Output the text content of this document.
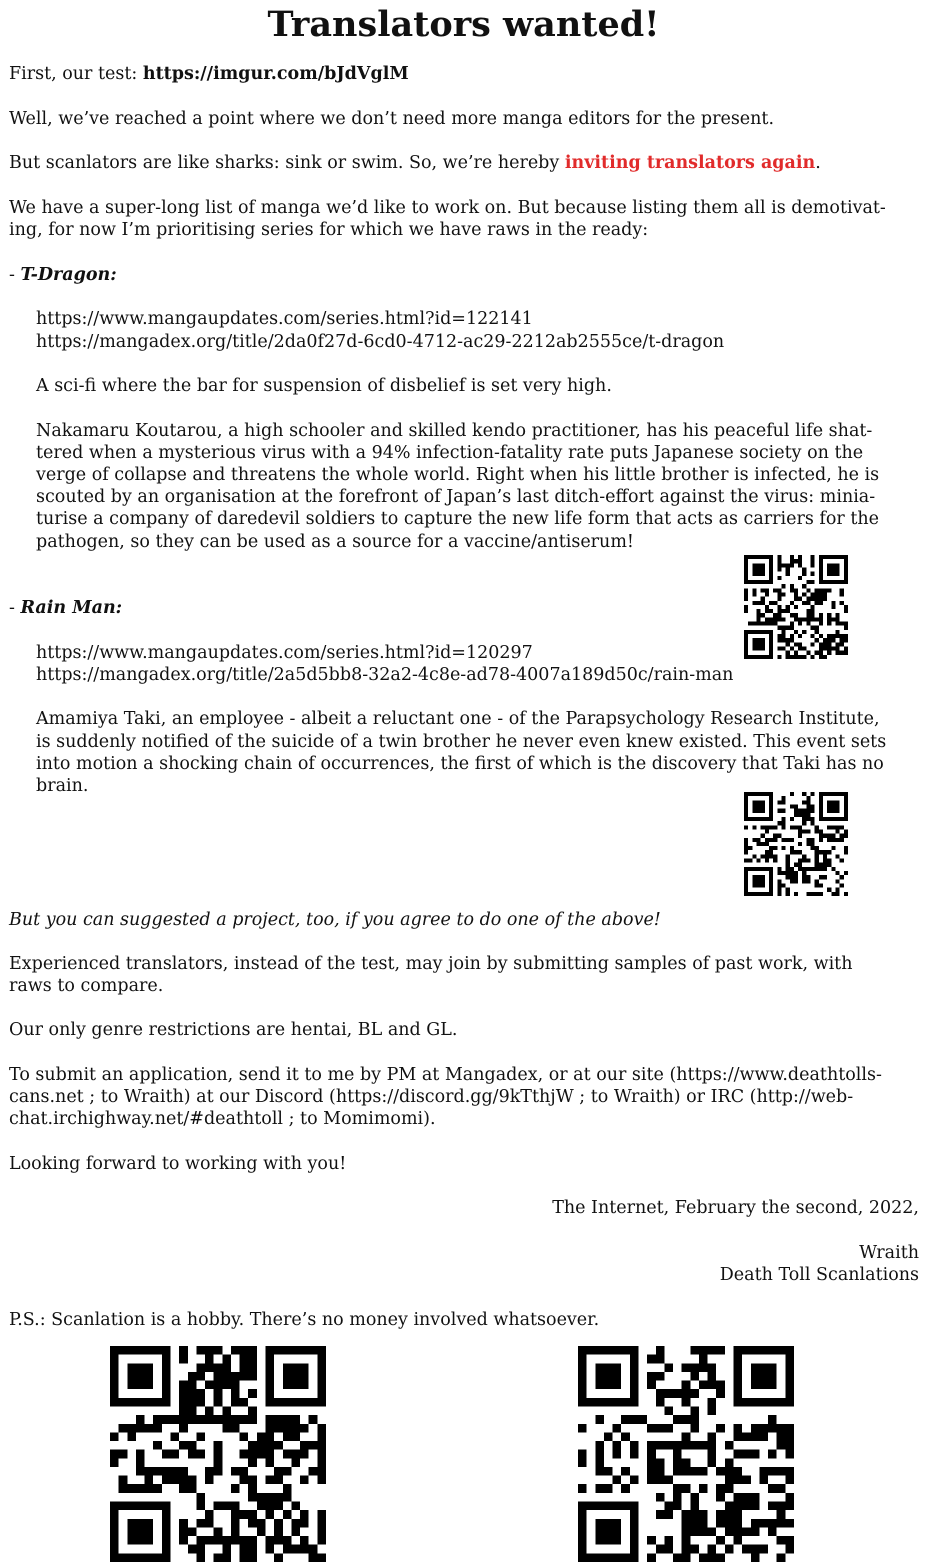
Translators wanted!

First, our test: https://imgur.com/bJdVglM

Well, we’ve reached a point where we don’t need more manga editors for the present.

But scanlators are like sharks: sink or swim. So, we’re hereby inviting translators again.

We have a super-long list of manga we’d like to work on. But because listing them all is demotivat-

ing, for now I’m prioritising series for which we have raws in the ready:

- T-Dragon:

https://www.mangaupdates.com/series.html?id=122141

https://mangadex.org/title/2da0f27d-6cd0-4712-ac29-2212ab2555ce/t-dragon

A sci-fi where the bar for suspension of disbelief is set very high.

Nakamaru Koutarou, a high schooler and skilled kendo practitioner, has his peaceful life shat-

tered when a mysterious virus with a 94% infection-fatality rate puts Japanese society on the

verge of collapse and threatens the whole world. Right when his little brother is infected, he is

scouted by an organisation at the forefront of Japan’s last ditch-effort against the virus: minia-

turise a company of daredevil soldiers to capture the new life form that acts as carriers for the

pathogen, so they can be used as a source for a vaccine/antiserum!

- Rain Man:

https://www.mangaupdates.com/series.html?id=120297

https://mangadex.org/title/2a5d5bb8-32a2-4c8e-ad78-4007a189d50c/rain-man

Amamiya Taki, an employee - albeit a reluctant one - of the Parapsychology Research Institute,

is suddenly notified of the suicide of a twin brother he never even knew existed. This event sets

into motion a shocking chain of occurrences, the first of which is the discovery that Taki has no

brain.

But you can suggested a project, too, if you agree to do one of the above!

Experienced translators, instead of the test, may join by submitting samples of past work, with

raws to compare.

Our only genre restrictions are hentai, BL and GL.

To submit an application, send it to me by PM at Mangadex, or at our site (https://www.deathtolls-

cans.net ; to Wraith) at our Discord (https://discord.gg/9kTthjW ; to Wraith) or IRC (http://web-

chat.irchighway.net/#deathtoll ; to Momimomi).

Looking forward to working with you!

The Internet, February the second, 2022,

Wraith

Death Toll Scanlations

P.S.: Scanlation is a hobby. There’s no money involved whatsoever.
